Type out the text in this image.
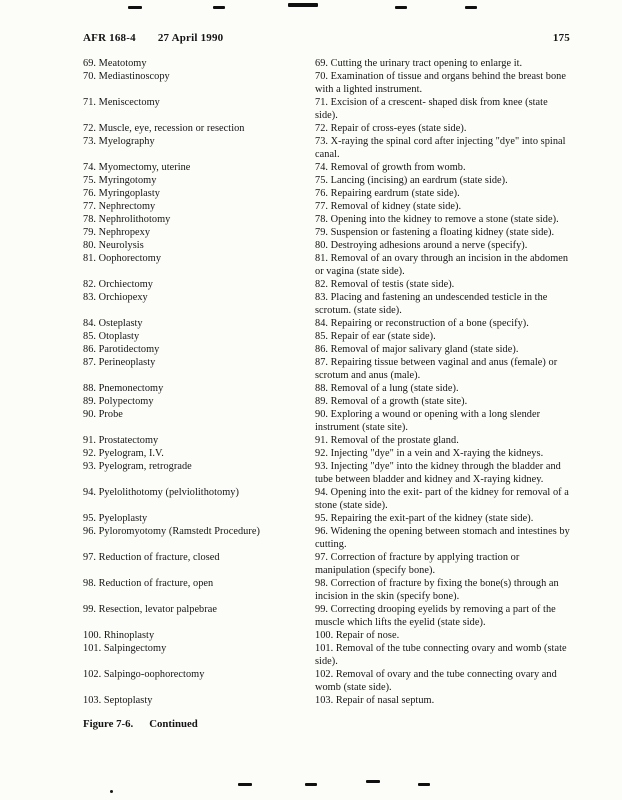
AFR 168-4 27 April 1990	175
69. Meatotomy	69. Cutting the urinary tract opening to enlarge it.
70. Mediastinoscopy	70. Examination of tissue and organs behind the breast bone with a lighted instrument.
71. Meniscectomy	71. Excision of a crescent- shaped disk from knee (state side).
72. Muscle, eye, recession or resection	72. Repair of cross-eyes (state side).
73. Myelography	73. X-raying the spinal cord after injecting "dye" into spinal canal.
74. Myomectomy, uterine	74. Removal of growth from womb.
75. Myringotomy	75. Lancing (incising) an eardrum (state side).
76. Myringoplasty	76. Repairing eardrum (state side).
77. Nephrectomy	77. Removal of kidney (state side).
78. Nephrolithotomy	78. Opening into the kidney to remove a stone (state side).
79. Nephropexy	79. Suspension or fastening a floating kidney (state side).
80. Neurolysis	80. Destroying adhesions around a nerve (specify).
81. Oophorectomy	81. Removal of an ovary through an incision in the abdomen or vagina (state side).
82. Orchiectomy	82. Removal of testis (state side).
83. Orchiopexy	83. Placing and fastening an undescended testicle in the scrotum. (state side).
84. Osteplasty	84. Repairing or reconstruction of a bone (specify).
85. Otoplasty	85. Repair of ear (state side).
86. Parotidectomy	86. Removal of major salivary gland (state side).
87. Perineoplasty	87. Repairing tissue between vaginal and anus (female) or scrotum and anus (male).
88. Pnemonectomy	88. Removal of a lung (state side).
89. Polypectomy	89. Removal of a growth (state site).
90. Probe	90. Exploring a wound or opening with a long slender instrument (state site).
91. Prostatectomy	91. Removal of the prostate gland.
92. Pyelogram, I.V.	92. Injecting "dye" in a vein and X-raying the kidneys.
93. Pyelogram, retrograde	93. Injecting "dye" into the kidney through the bladder and tube between bladder and kidney and X-raying kidney.
94. Pyelolithotomy (pelviolithotomy)	94. Opening into the exit- part of the kidney for removal of a stone (state side).
95. Pyeloplasty	95. Repairing the exit-part of the kidney (state side).
96. Pyloromyotomy (Ramstedt Procedure)	96. Widening the opening between stomach and intestines by cutting.
97. Reduction of fracture, closed	97. Correction of fracture by applying traction or manipulation (specify bone).
98. Reduction of fracture, open	98. Correction of fracture by fixing the bone(s) through an incision in the skin (specify bone).
99. Resection, levator palpebrae	99. Correcting drooping eyelids by removing a part of the muscle which lifts the eyelid (state side).
100. Rhinoplasty	100. Repair of nose.
101. Salpingectomy	101. Removal of the tube connecting ovary and womb (state side).
102. Salpingo-oophorectomy	102. Removal of ovary and the tube connecting ovary and womb (state side).
103. Septoplasty	103. Repair of nasal septum.
Figure 7-6. Continued
